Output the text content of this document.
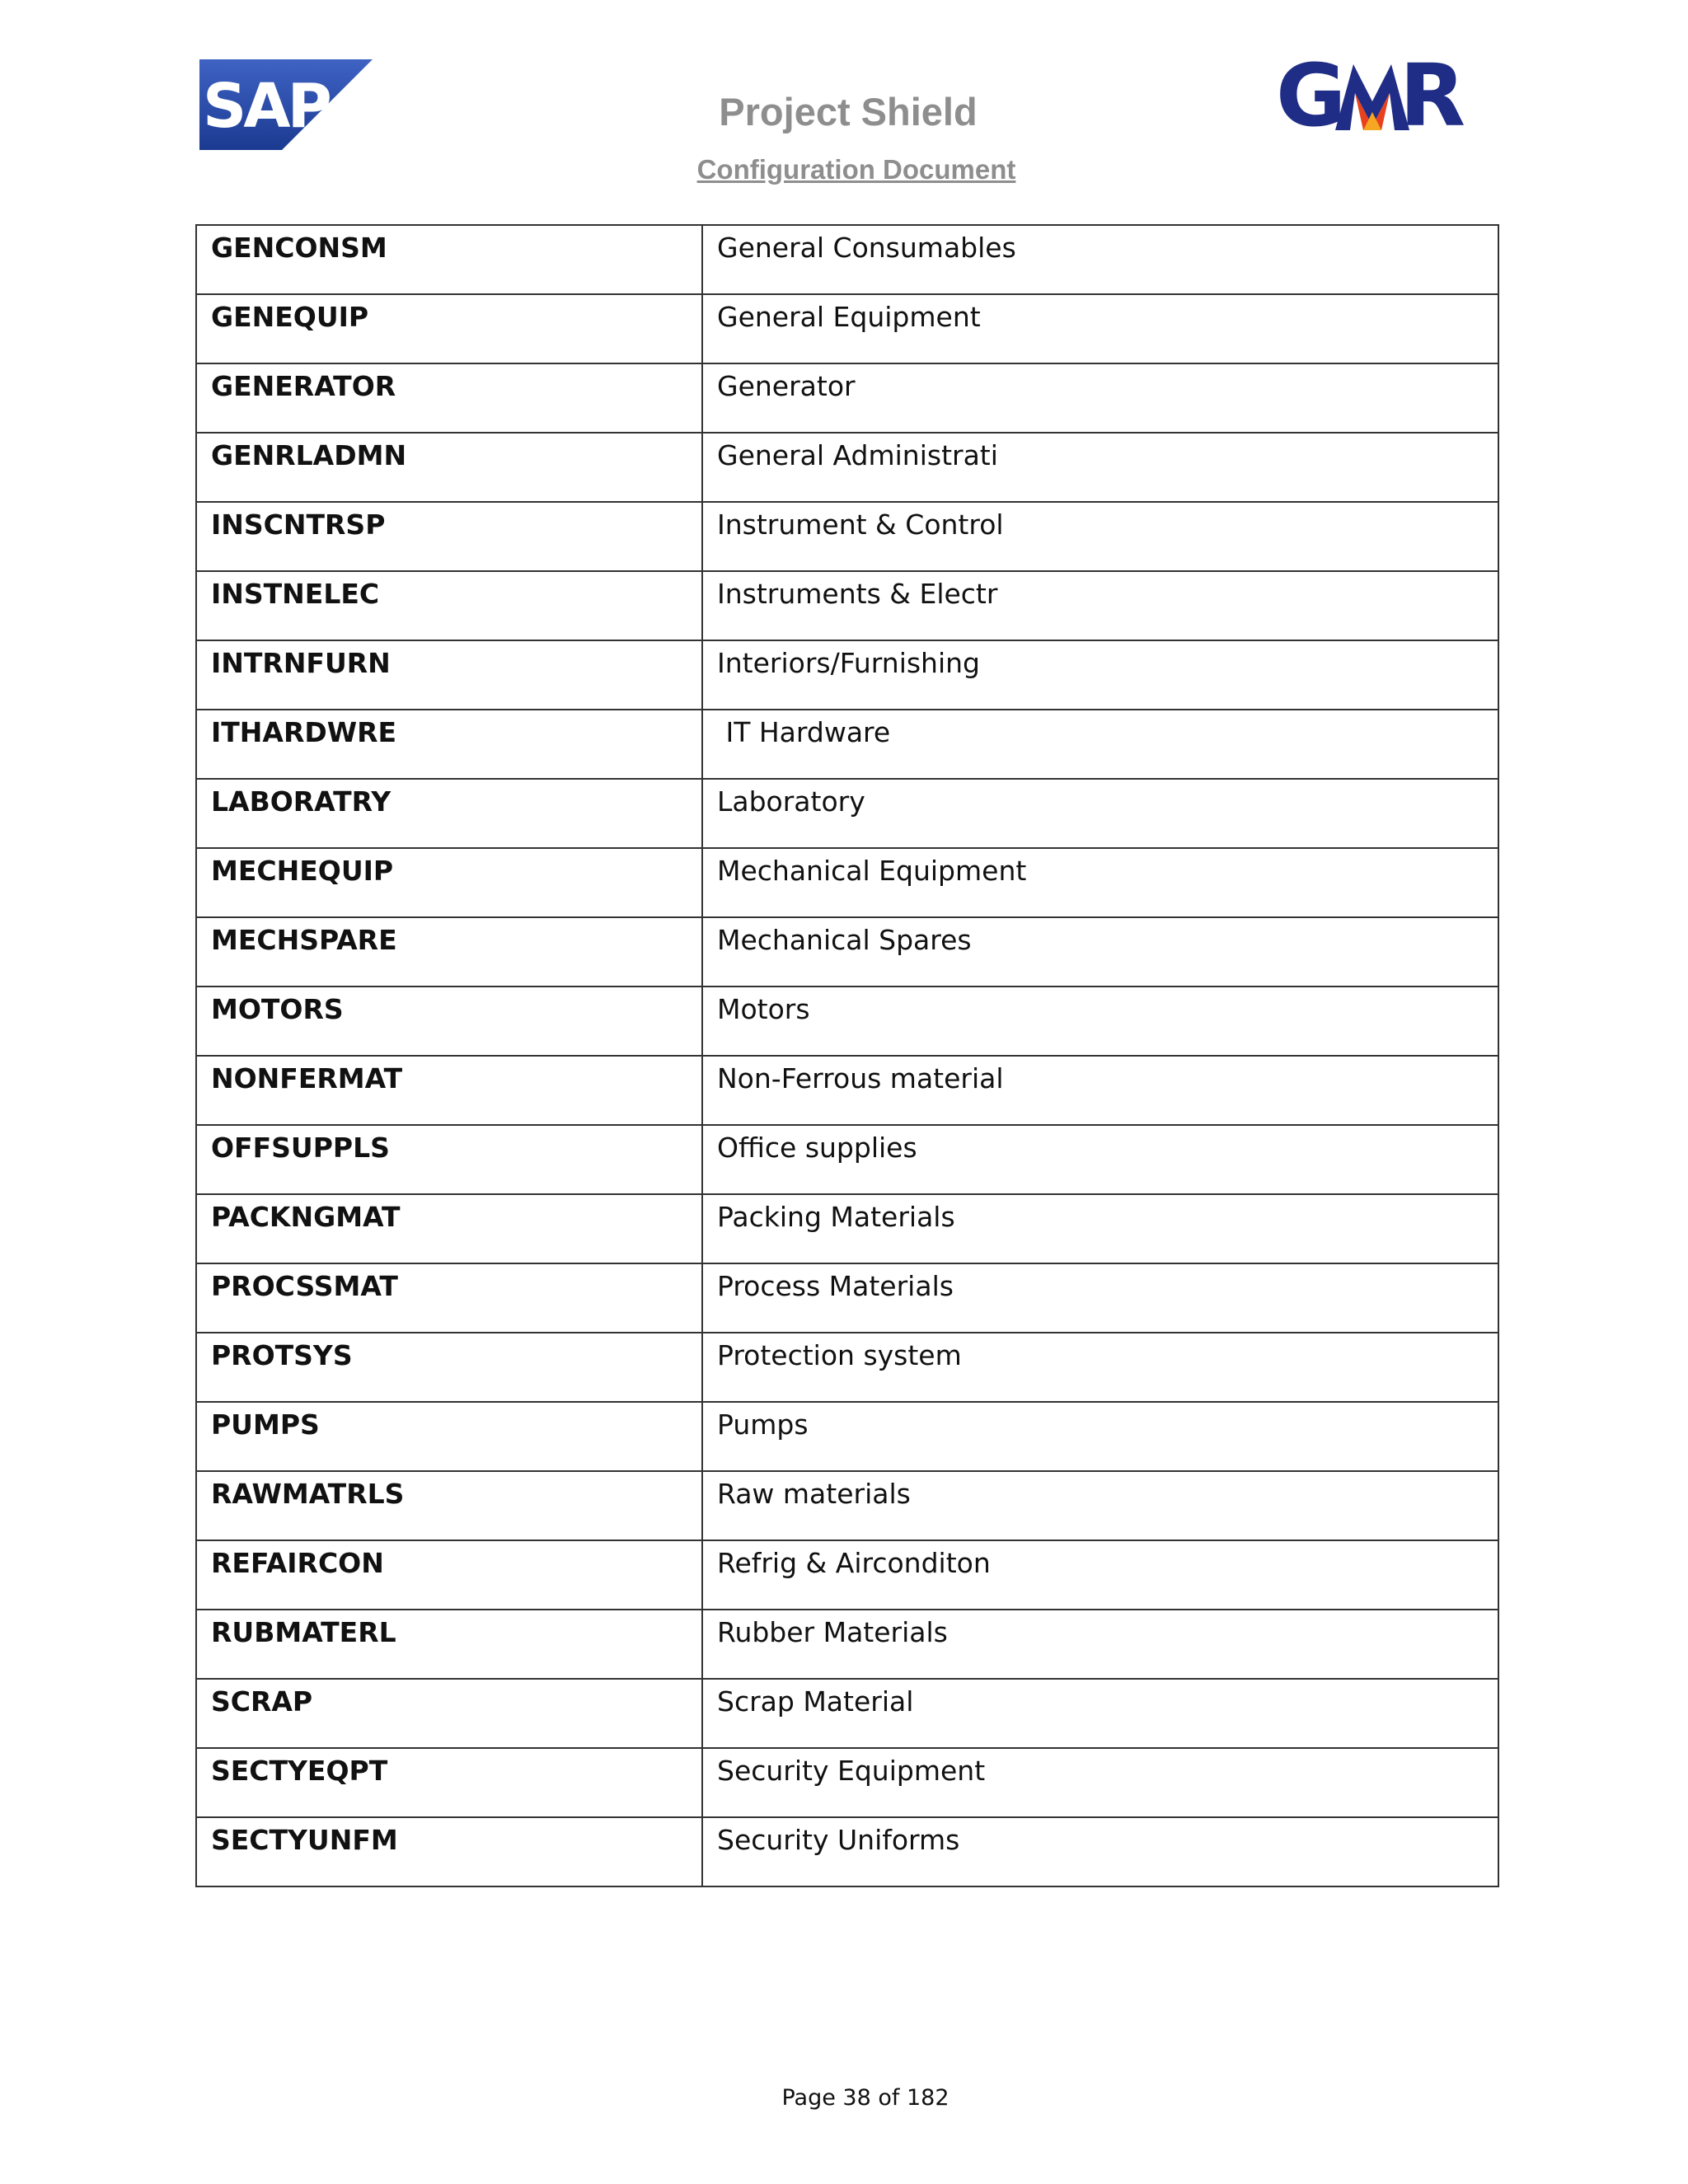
SAP	Project Shield
Configuration Document
G R
GENCONSM	General Consumables

GENEQUIP	General Equipment

GENERATOR	Generator

GENRLADMN	General Administrati

INSCNTRSP	Instrument & Control

INSTNELEC	Instruments & Electr

INTRNFURN	Interiors/Furnishing

ITHARDWRE	IT Hardware

LABORATRY	Laboratory

MECHEQUIP	Mechanical Equipment

MECHSPARE	Mechanical Spares

MOTORS	Motors

NONFERMAT	Non-Ferrous material

OFFSUPPLS	Office supplies

PACKNGMAT	Packing Materials

PROCSSMAT	Process Materials

PROTSYS	Protection system

PUMPS	Pumps

RAWMATRLS	Raw materials

REFAIRCON	Refrig & Airconditon

RUBMATERL	Rubber Materials

SCRAP	Scrap Material

SECTYEQPT	Security Equipment

SECTYUNFM	Security Uniforms
Page 38 of 182
